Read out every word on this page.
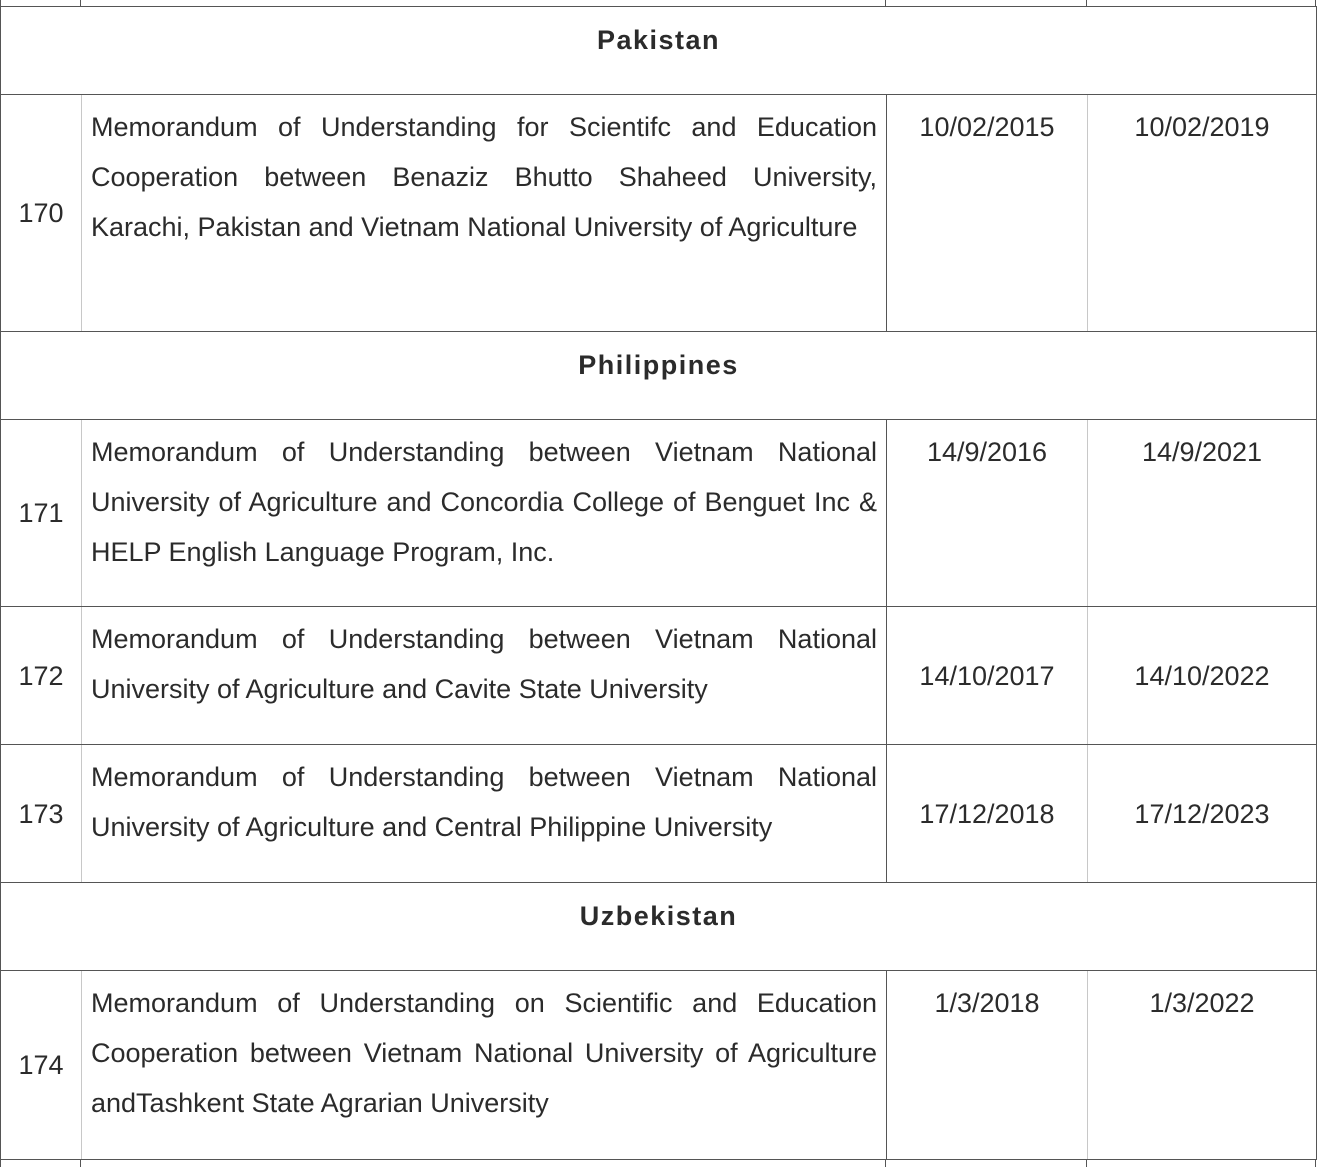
Pakistan			
170	Memorandum of Understanding for Scientifc and Education Cooperation between Benaziz Bhutto Shaheed University, Karachi, Pakistan and Vietnam National University of Agriculture	10/02/2015	10/02/2019
Philippines			
171	Memorandum of Understanding between Vietnam National University of Agriculture and Concordia College of Benguet Inc & HELP English Language Program, Inc.	14/9/2016	14/9/2021
172	Memorandum of Understanding between Vietnam National University of Agriculture and Cavite State University	14/10/2017	14/10/2022
173	Memorandum of Understanding between Vietnam National University of Agriculture and Central Philippine University	17/12/2018	17/12/2023
Uzbekistan			
174	Memorandum of Understanding on Scientific and Education Cooperation between Vietnam National University of Agriculture andTashkent State Agrarian University	1/3/2018	1/3/2022
